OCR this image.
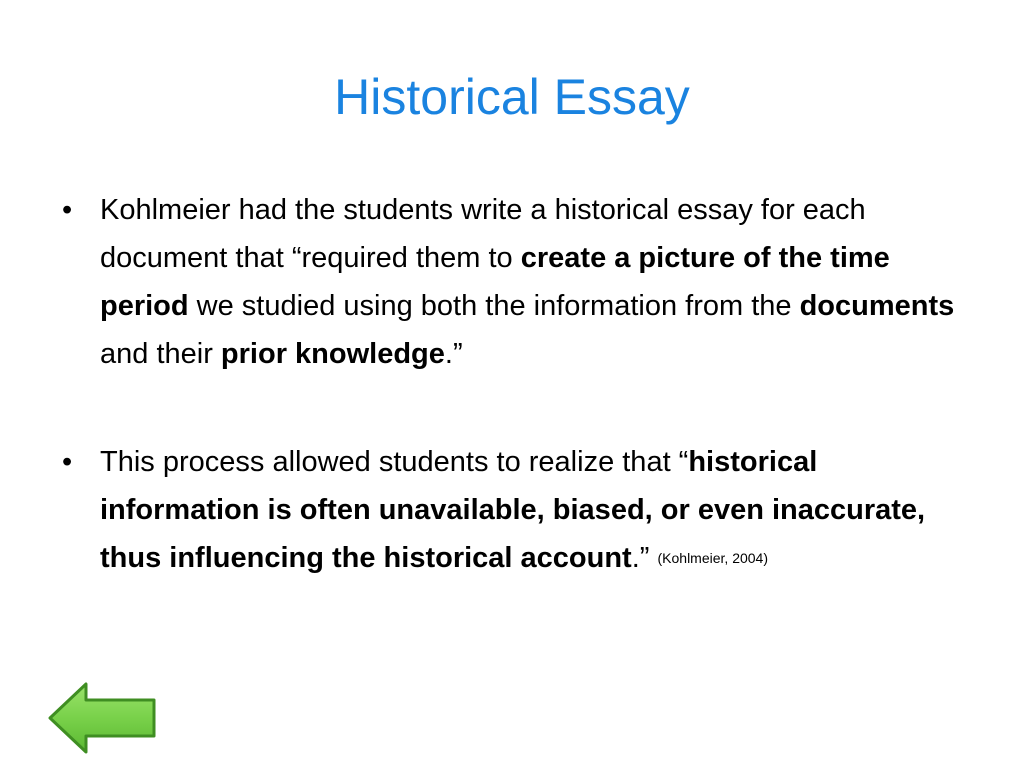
Historical Essay

• Kohlmeier had the students write a historical essay for each document that “required them to create a picture of the time period we studied using both the information from the documents and their prior knowledge.”

• This process allowed students to realize that “historical information is often unavailable, biased, or even inaccurate, thus influencing the historical account.” (Kohlmeier, 2004)
